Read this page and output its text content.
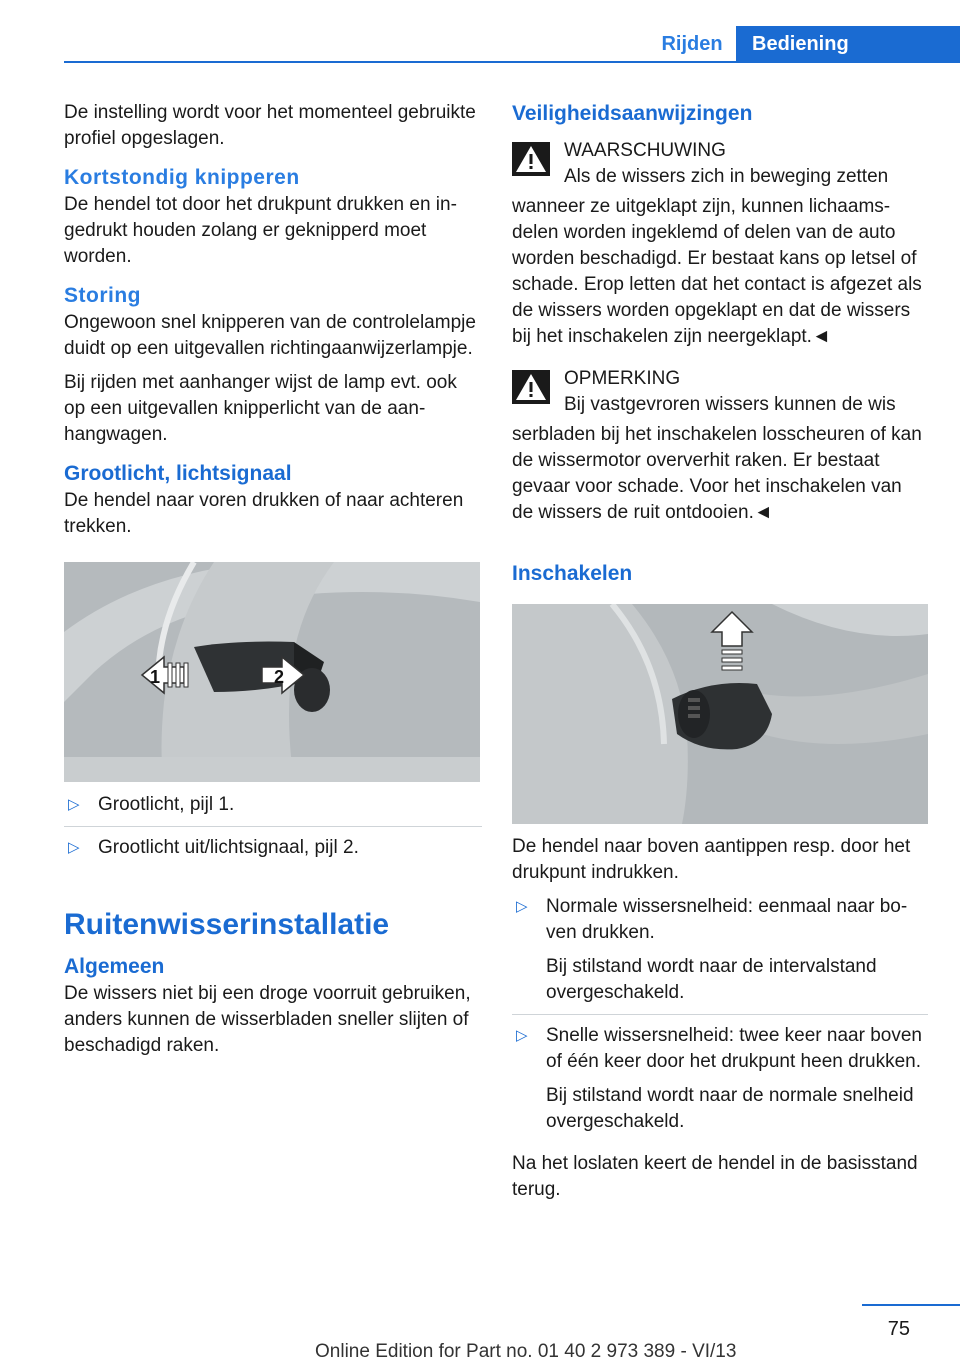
Rijden	Bediening

De instelling wordt voor het momenteel gebruikte profiel opgeslagen.

Kortstondig knipperen

De hendel tot door het drukpunt drukken en ingedrukt houden zolang er geknipperd moet worden.

Storing

Ongewoon snel knipperen van de controlelampje duidt op een uitgevallen richtingaanwijzerlampje.

Bij rijden met aanhanger wijst de lamp evt. ook op een uitgevallen knipperlicht van de aanhangwagen.

Grootlicht, lichtsignaal

De hendel naar voren drukken of naar achteren trekken.

1	2
▷ Grootlicht, pijl 1.
▷ Grootlicht uit/lichtsignaal, pijl 2.
Ruitenwisserinstallatie
Algemeen

De wissers niet bij een droge voorruit gebruiken, anders kunnen de wisserbladen sneller slijten of beschadigd raken.

Veiligheidsaanwijzingen
WAARSCHUWING
Als de wissers zich in beweging zetten

wanneer ze uitgeklapt zijn, kunnen lichaamsdelen worden ingeklemd of delen van de auto worden beschadigd. Er bestaat kans op letsel of schade. Erop letten dat het contact is afgezet als de wissers worden opgeklapt en dat de wissers bij het inschakelen zijn neergeklapt.◄

OPMERKING
Bij vastgevroren wissers kunnen de wis

serbladen bij het inschakelen losscheuren of kan de wissermotor oververhit raken. Er bestaat gevaar voor schade. Voor het inschakelen van de wissers de ruit ontdooien.◄

Inschakelen

De hendel naar boven aantippen resp. door het drukpunt indrukken.

▷ Normale wissersnelheid: eenmaal naar boven drukken.
Bij stilstand wordt naar de intervalstand overgeschakeld.
▷ Snelle wissersnelheid: twee keer naar boven of één keer door het drukpunt heen drukken.
Bij stilstand wordt naar de normale snelheid overgeschakeld.

Na het loslaten keert de hendel in de basisstand terug.

75
Online Edition for Part no. 01 40 2 973 389 - VI/13
